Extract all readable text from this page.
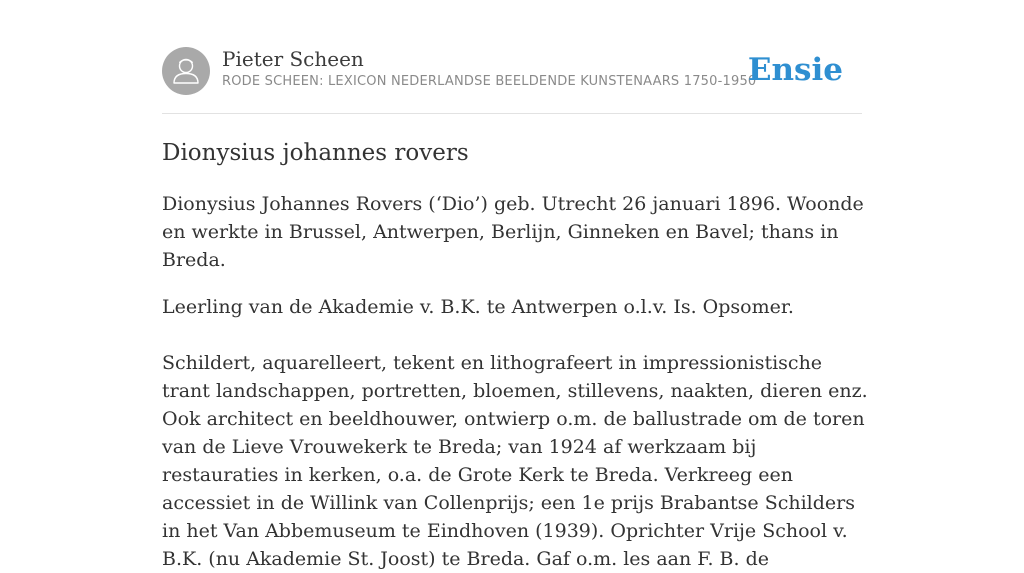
Pieter Scheen
RODE SCHEEN: LEXICON NEDERLANDSE BEELDENDE KUNSTENAARS 1750-1950
Ensie
Dionysius johannes rovers

Dionysius Johannes Rovers (‘Dio’) geb. Utrecht 26 januari 1896. Woonde en werkte in Brussel, Antwerpen, Berlijn, Ginneken en Bavel; thans in Breda.

Leerling van de Akademie v. B.K. te Antwerpen o.l.v. Is. Opsomer.

Schildert, aquarelleert, tekent en lithografeert in impressionistische trant landschappen, portretten, bloemen, stillevens, naakten, dieren enz. Ook architect en beeldhouwer, ontwierp o.m. de ballustrade om de toren van de Lieve Vrouwekerk te Breda; van 1924 af werkzaam bij restauraties in kerken, o.a. de Grote Kerk te Breda. Verkreeg een accessiet in de Willink van Collenprijs; een 1e prijs Brabantse Schilders in het Van Abbemuseum te Eindhoven (1939). Oprichter Vrije School v. B.K. (nu Akademie St. Joost) te Breda. Gaf o.m. les aan F. B. de
